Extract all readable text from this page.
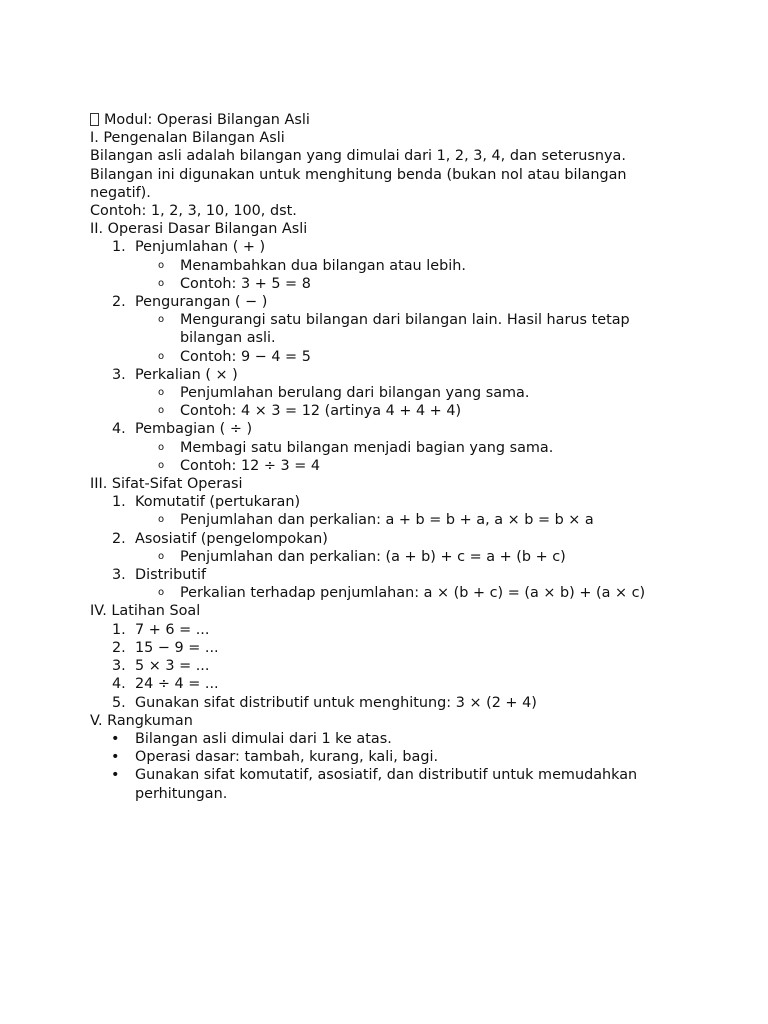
Modul: Operasi Bilangan Asli

I. Pengenalan Bilangan Asli

Bilangan asli adalah bilangan yang dimulai dari 1, 2, 3, 4, dan seterusnya. Bilangan ini digunakan untuk menghitung benda (bukan nol atau bilangan negatif).

Contoh: 1, 2, 3, 10, 100, dst.

II. Operasi Dasar Bilangan Asli

1. Penjumlahan ( + )
o Menambahkan dua bilangan atau lebih.
o Contoh: 3 + 5 = 8
2. Pengurangan ( − )
o Mengurangi satu bilangan dari bilangan lain. Hasil harus tetap bilangan asli.
o Contoh: 9 − 4 = 5
3. Perkalian ( × )
o Penjumlahan berulang dari bilangan yang sama.
o Contoh: 4 × 3 = 12 (artinya 4 + 4 + 4)
4. Pembagian ( ÷ )
o Membagi satu bilangan menjadi bagian yang sama.
o Contoh: 12 ÷ 3 = 4

III. Sifat-Sifat Operasi

1. Komutatif (pertukaran)
o Penjumlahan dan perkalian: a + b = b + a, a × b = b × a
2. Asosiatif (pengelompokan)
o Penjumlahan dan perkalian: (a + b) + c = a + (b + c)
3. Distributif
o Perkalian terhadap penjumlahan: a × (b + c) = (a × b) + (a × c)

IV. Latihan Soal

1. 7 + 6 = ...
2. 15 − 9 = ...
3. 5 × 3 = ...
4. 24 ÷ 4 = ...
5. Gunakan sifat distributif untuk menghitung: 3 × (2 + 4)

V. Rangkuman

• Bilangan asli dimulai dari 1 ke atas.
• Operasi dasar: tambah, kurang, kali, bagi.
• Gunakan sifat komutatif, asosiatif, dan distributif untuk memudahkan perhitungan.
